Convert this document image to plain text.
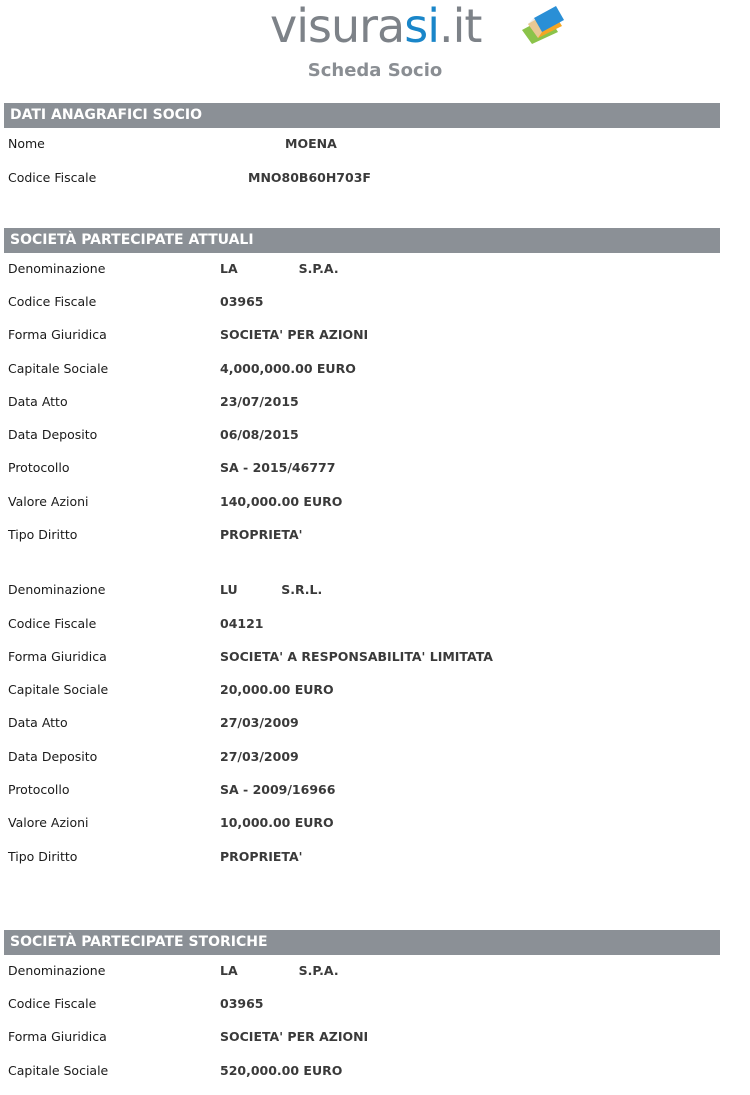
visurasi.it
Scheda Socio
DATI ANAGRAFICI SOCIO
Nome	MOENA
Codice Fiscale	MNO80B60H703F
SOCIETÀ PARTECIPATE ATTUALI
Denominazione	LA              S.P.A.
Codice Fiscale	03965
Forma Giuridica	SOCIETA' PER AZIONI
Capitale Sociale	4,000,000.00 EURO
Data Atto	23/07/2015
Data Deposito	06/08/2015
Protocollo	SA - 2015/46777
Valore Azioni	140,000.00 EURO
Tipo Diritto	PROPRIETA'
Denominazione	LU          S.R.L.
Codice Fiscale	04121
Forma Giuridica	SOCIETA' A RESPONSABILITA' LIMITATA
Capitale Sociale	20,000.00 EURO
Data Atto	27/03/2009
Data Deposito	27/03/2009
Protocollo	SA - 2009/16966
Valore Azioni	10,000.00 EURO
Tipo Diritto	PROPRIETA'
SOCIETÀ PARTECIPATE STORICHE
Denominazione	LA              S.P.A.
Codice Fiscale	03965
Forma Giuridica	SOCIETA' PER AZIONI
Capitale Sociale	520,000.00 EURO
